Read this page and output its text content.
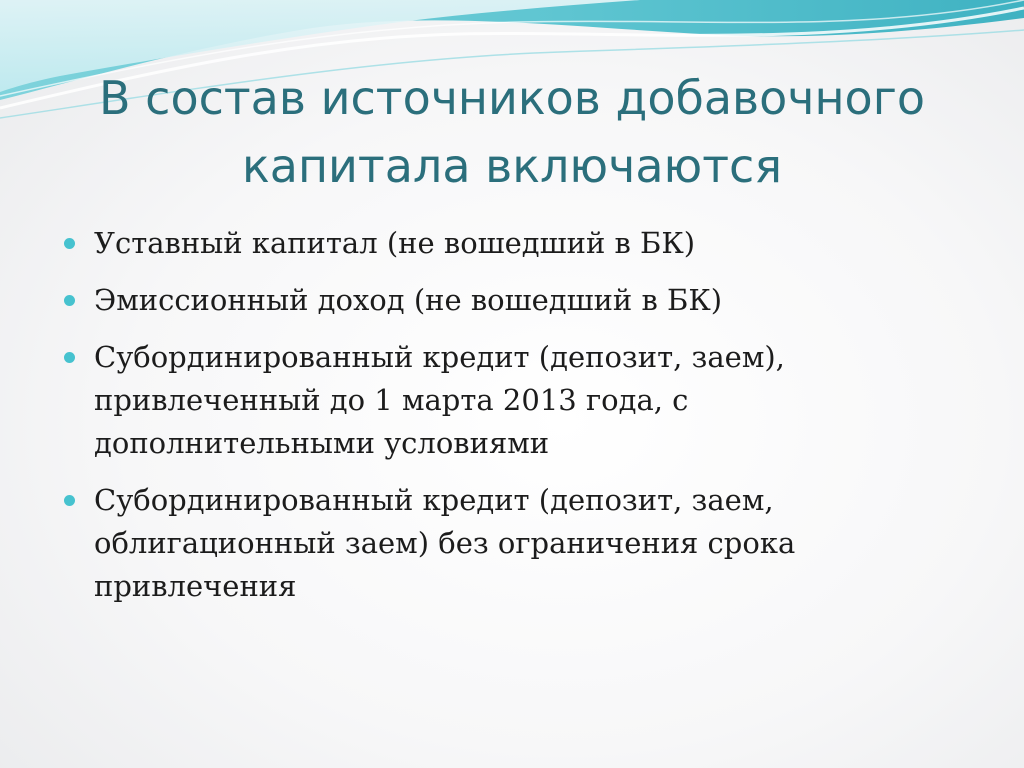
В состав источников добавочного
капитала включаются
Уставный капитал (не вошедший в БК)
Эмиссионный доход (не вошедший в БК)
Субординированный кредит (депозит, заем), привлеченный до 1 марта 2013 года, с дополнительными условиями
Субординированный кредит (депозит, заем, облигационный заем) без ограничения срока привлечения
